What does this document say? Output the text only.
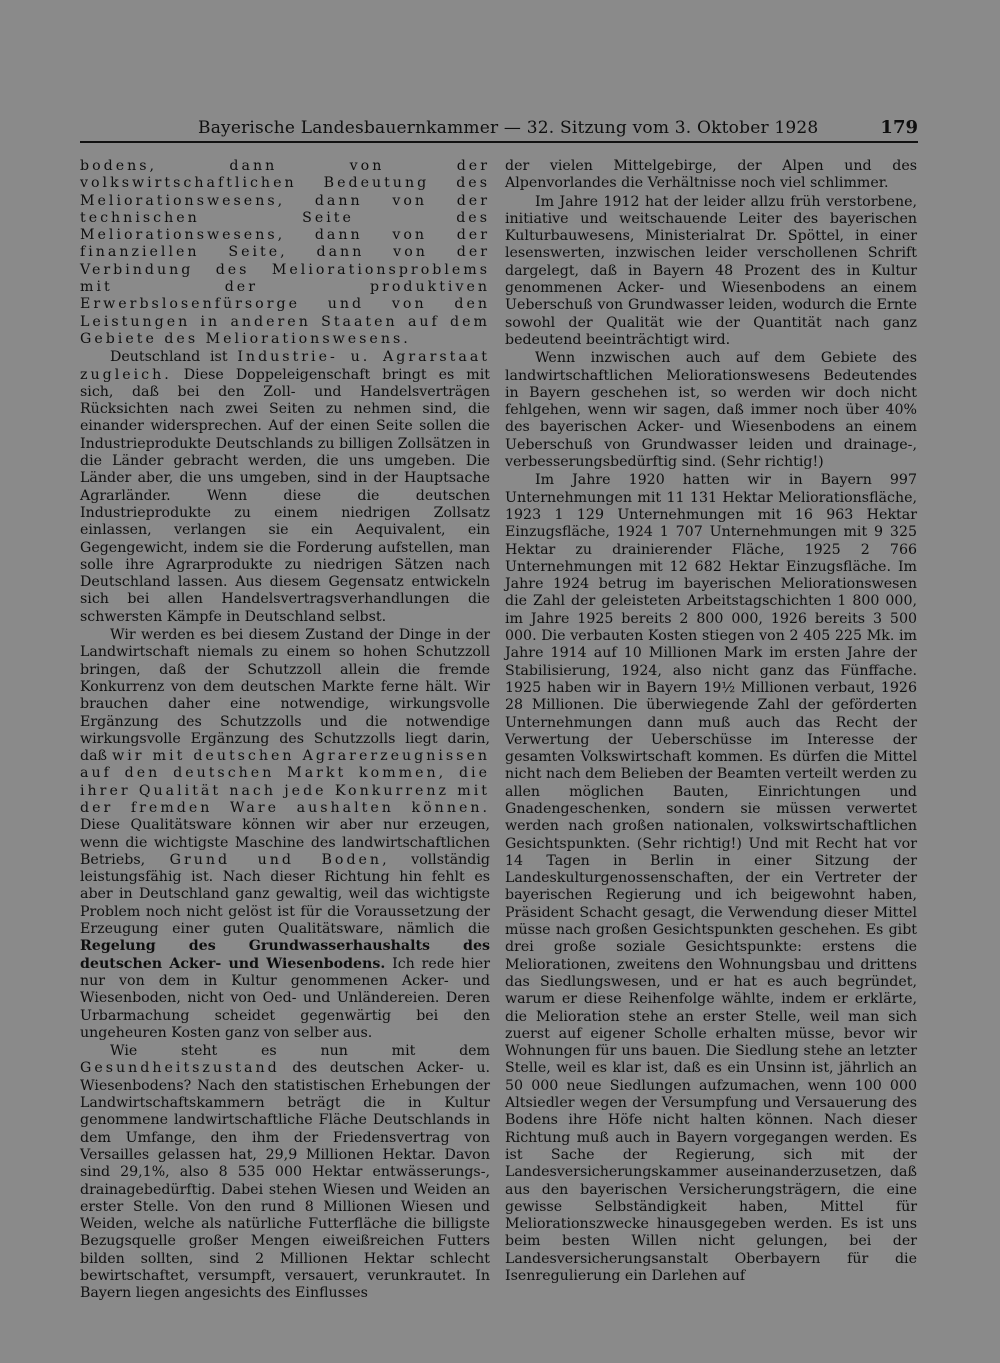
Bayerische Landesbauernkammer — 32. Sitzung vom 3. Oktober 1928	179

bodens, dann von der volkswirtschaftlichen Bedeutung des Meliorationswesens, dann von der technischen Seite des Meliorationswesens, dann von der finanziellen Seite, dann von der Verbindung des Meliorationsproblems mit der produktiven Erwerbslosenfürsorge und von den Leistungen in anderen Staaten auf dem Gebiete des Meliorationswesens.

Deutschland ist Industrie- u. Agrarstaat zugleich. Diese Doppeleigenschaft bringt es mit sich, daß bei den Zoll- und Handelsverträgen Rücksichten nach zwei Seiten zu nehmen sind, die einander widersprechen. Auf der einen Seite sollen die Industrieprodukte Deutschlands zu billigen Zollsätzen in die Länder gebracht werden, die uns umgeben. Die Länder aber, die uns umgeben, sind in der Hauptsache Agrarländer. Wenn diese die deutschen Industrieprodukte zu einem niedrigen Zollsatz einlassen, verlangen sie ein Aequivalent, ein Gegengewicht, indem sie die Forderung aufstellen, man solle ihre Agrarprodukte zu niedrigen Sätzen nach Deutschland lassen. Aus diesem Gegensatz entwickeln sich bei allen Handelsvertragsverhandlungen die schwersten Kämpfe in Deutschland selbst.

Wir werden es bei diesem Zustand der Dinge in der Landwirtschaft niemals zu einem so hohen Schutzzoll bringen, daß der Schutzzoll allein die fremde Konkurrenz von dem deutschen Markte ferne hält. Wir brauchen daher eine notwendige, wirkungsvolle Ergänzung des Schutzzolls und die notwendige wirkungsvolle Ergänzung des Schutzzolls liegt darin, daß wir mit deutschen Agrarerzeugnissen auf den deutschen Markt kommen, die ihrer Qualität nach jede Konkurrenz mit der fremden Ware aushalten können. Diese Qualitätsware können wir aber nur erzeugen, wenn die wichtigste Maschine des landwirtschaftlichen Betriebs, Grund und Boden, vollständig leistungsfähig ist. Nach dieser Richtung hin fehlt es aber in Deutschland ganz gewaltig, weil das wichtigste Problem noch nicht gelöst ist für die Voraussetzung der Erzeugung einer guten Qualitätsware, nämlich die Regelung des Grundwasserhaushalts des deutschen Acker- und Wiesenbodens. Ich rede hier nur von dem in Kultur genommenen Acker- und Wiesenboden, nicht von Oed- und Unländereien. Deren Urbarmachung scheidet gegenwärtig bei den ungeheuren Kosten ganz von selber aus.

Wie steht es nun mit dem Gesundheitszustand des deutschen Acker- u. Wiesenbodens? Nach den statistischen Erhebungen der Landwirtschaftskammern beträgt die in Kultur genommene landwirtschaftliche Fläche Deutschlands in dem Umfange, den ihm der Friedensvertrag von Versailles gelassen hat, 29,9 Millionen Hektar. Davon sind 29,1%, also 8 535 000 Hektar entwässerungs-, drainagebedürftig. Dabei stehen Wiesen und Weiden an erster Stelle. Von den rund 8 Millionen Wiesen und Weiden, welche als natürliche Futterfläche die billigste Bezugsquelle großer Mengen eiweißreichen Futters bilden sollten, sind 2 Millionen Hektar schlecht bewirtschaftet, versumpft, versauert, verunkrautet. In Bayern liegen angesichts des Einflusses

der vielen Mittelgebirge, der Alpen und des Alpenvorlandes die Verhältnisse noch viel schlimmer.

Im Jahre 1912 hat der leider allzu früh verstorbene, initiative und weitschauende Leiter des bayerischen Kulturbauwesens, Ministerialrat Dr. Spöttel, in einer lesenswerten, inzwischen leider verschollenen Schrift dargelegt, daß in Bayern 48 Prozent des in Kultur genommenen Acker- und Wiesenbodens an einem Ueberschuß von Grundwasser leiden, wodurch die Ernte sowohl der Qualität wie der Quantität nach ganz bedeutend beeinträchtigt wird.

Wenn inzwischen auch auf dem Gebiete des landwirtschaftlichen Meliorationswesens Bedeutendes in Bayern geschehen ist, so werden wir doch nicht fehlgehen, wenn wir sagen, daß immer noch über 40% des bayerischen Acker- und Wiesenbodens an einem Ueberschuß von Grundwasser leiden und drainage-, verbesserungsbedürftig sind. (Sehr richtig!)

Im Jahre 1920 hatten wir in Bayern 997 Unternehmungen mit 11 131 Hektar Meliorationsfläche, 1923 1 129 Unternehmungen mit 16 963 Hektar Einzugsfläche, 1924 1 707 Unternehmungen mit 9 325 Hektar zu drainierender Fläche, 1925 2 766 Unternehmungen mit 12 682 Hektar Einzugsfläche. Im Jahre 1924 betrug im bayerischen Meliorationswesen die Zahl der geleisteten Arbeitstagschichten 1 800 000, im Jahre 1925 bereits 2 800 000, 1926 bereits 3 500 000. Die verbauten Kosten stiegen von 2 405 225 Mk. im Jahre 1914 auf 10 Millionen Mark im ersten Jahre der Stabilisierung, 1924, also nicht ganz das Fünffache. 1925 haben wir in Bayern 19½ Millionen verbaut, 1926 28 Millionen. Die überwiegende Zahl der geförderten Unternehmungen dann muß auch das Recht der Verwertung der Ueberschüsse im Interesse der gesamten Volkswirtschaft kommen. Es dürfen die Mittel nicht nach dem Belieben der Beamten verteilt werden zu allen möglichen Bauten, Einrichtungen und Gnadengeschenken, sondern sie müssen verwertet werden nach großen nationalen, volkswirtschaftlichen Gesichtspunkten. (Sehr richtig!) Und mit Recht hat vor 14 Tagen in Berlin in einer Sitzung der Landeskulturgenossenschaften, der ein Vertreter der bayerischen Regierung und ich beigewohnt haben, Präsident Schacht gesagt, die Verwendung dieser Mittel müsse nach großen Gesichtspunkten geschehen. Es gibt drei große soziale Gesichtspunkte: erstens die Meliorationen, zweitens den Wohnungsbau und drittens das Siedlungswesen, und er hat es auch begründet, warum er diese Reihenfolge wählte, indem er erklärte, die Melioration stehe an erster Stelle, weil man sich zuerst auf eigener Scholle erhalten müsse, bevor wir Wohnungen für uns bauen. Die Siedlung stehe an letzter Stelle, weil es klar ist, daß es ein Unsinn ist, jährlich an 50 000 neue Siedlungen aufzumachen, wenn 100 000 Altsiedler wegen der Versumpfung und Versauerung des Bodens ihre Höfe nicht halten können. Nach dieser Richtung muß auch in Bayern vorgegangen werden. Es ist Sache der Regierung, sich mit der Landesversicherungskammer auseinanderzusetzen, daß aus den bayerischen Versicherungsträgern, die eine gewisse Selbständigkeit haben, Mittel für Meliorationszwecke hinausgegeben werden. Es ist uns beim besten Willen nicht gelungen, bei der Landesversicherungsanstalt Oberbayern für die Isenregulierung ein Darlehen auf
